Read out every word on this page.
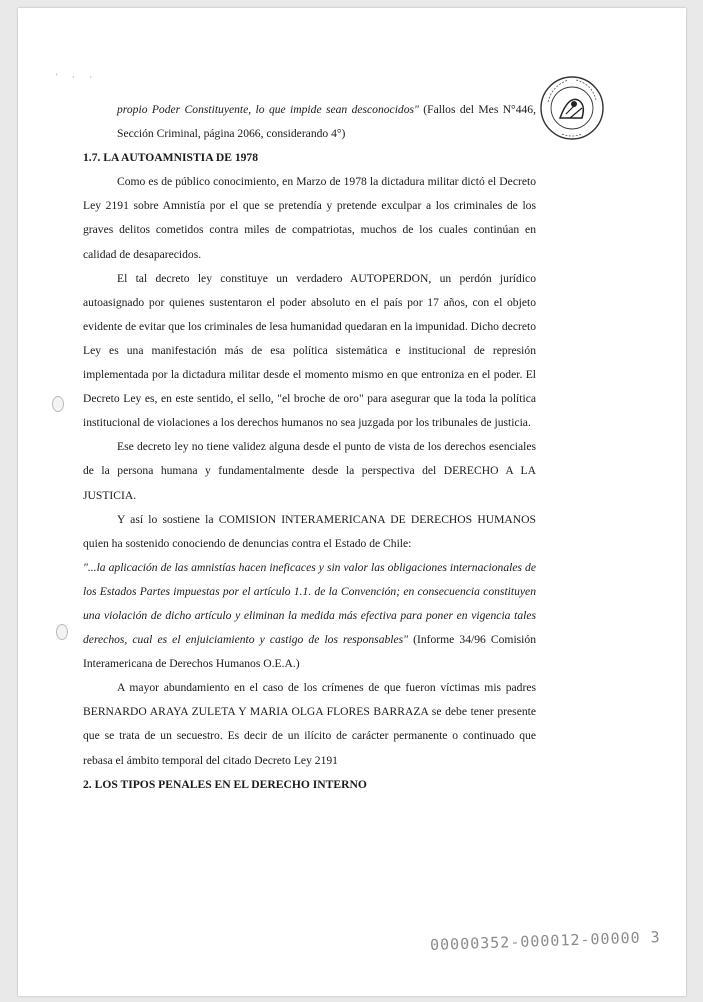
' · ·

propio Poder Constituyente, lo que impide sean desconocidos" (Fallos del Mes N°446, Sección Criminal, página 2066, considerando 4°)

1.7. LA AUTOAMNISTIA DE 1978

Como es de público conocimiento, en Marzo de 1978 la dictadura militar dictó el Decreto Ley 2191 sobre Amnistía por el que se pretendía y pretende exculpar a los criminales de los graves delitos cometidos contra miles de compatriotas, muchos de los cuales continúan en calidad de desaparecidos.

El tal decreto ley constituye un verdadero AUTOPERDON, un perdón jurídico autoasignado por quienes sustentaron el poder absoluto en el país por 17 años, con el objeto evidente de evitar que los criminales de lesa humanidad quedaran en la impunidad. Dicho decreto Ley es una manifestación más de esa política sistemática e institucional de represión implementada por la dictadura militar desde el momento mismo en que entroniza en el poder. El Decreto Ley es, en este sentido, el sello, "el broche de oro" para asegurar que la toda la política institucional de violaciones a los derechos humanos no sea juzgada por los tribunales de justicia.

Ese decreto ley no tiene validez alguna desde el punto de vista de los derechos esenciales de la persona humana y fundamentalmente desde la perspectiva del DERECHO A LA JUSTICIA.

Y así lo sostiene la COMISION INTERAMERICANA DE DERECHOS HUMANOS quien ha sostenido conociendo de denuncias contra el Estado de Chile:

"...la aplicación de las amnistías hacen ineficaces y sin valor las obligaciones internacionales de los Estados Partes impuestas por el artículo 1.1. de la Convención; en consecuencia constituyen una violación de dicho artículo y eliminan la medida más efectiva para poner en vigencia tales derechos, cual es el enjuiciamiento y castigo de los responsables" (Informe 34/96 Comisión Interamericana de Derechos Humanos O.E.A.)

A mayor abundamiento en el caso de los crímenes de que fueron víctimas mis padres BERNARDO ARAYA ZULETA Y MARIA OLGA FLORES BARRAZA se debe tener presente que se trata de un secuestro. Es decir de un ilícito de carácter permanente o continuado que rebasa el ámbito temporal del citado Decreto Ley 2191

2. LOS TIPOS PENALES EN EL DERECHO INTERNO

00000352-000012-00000 3
